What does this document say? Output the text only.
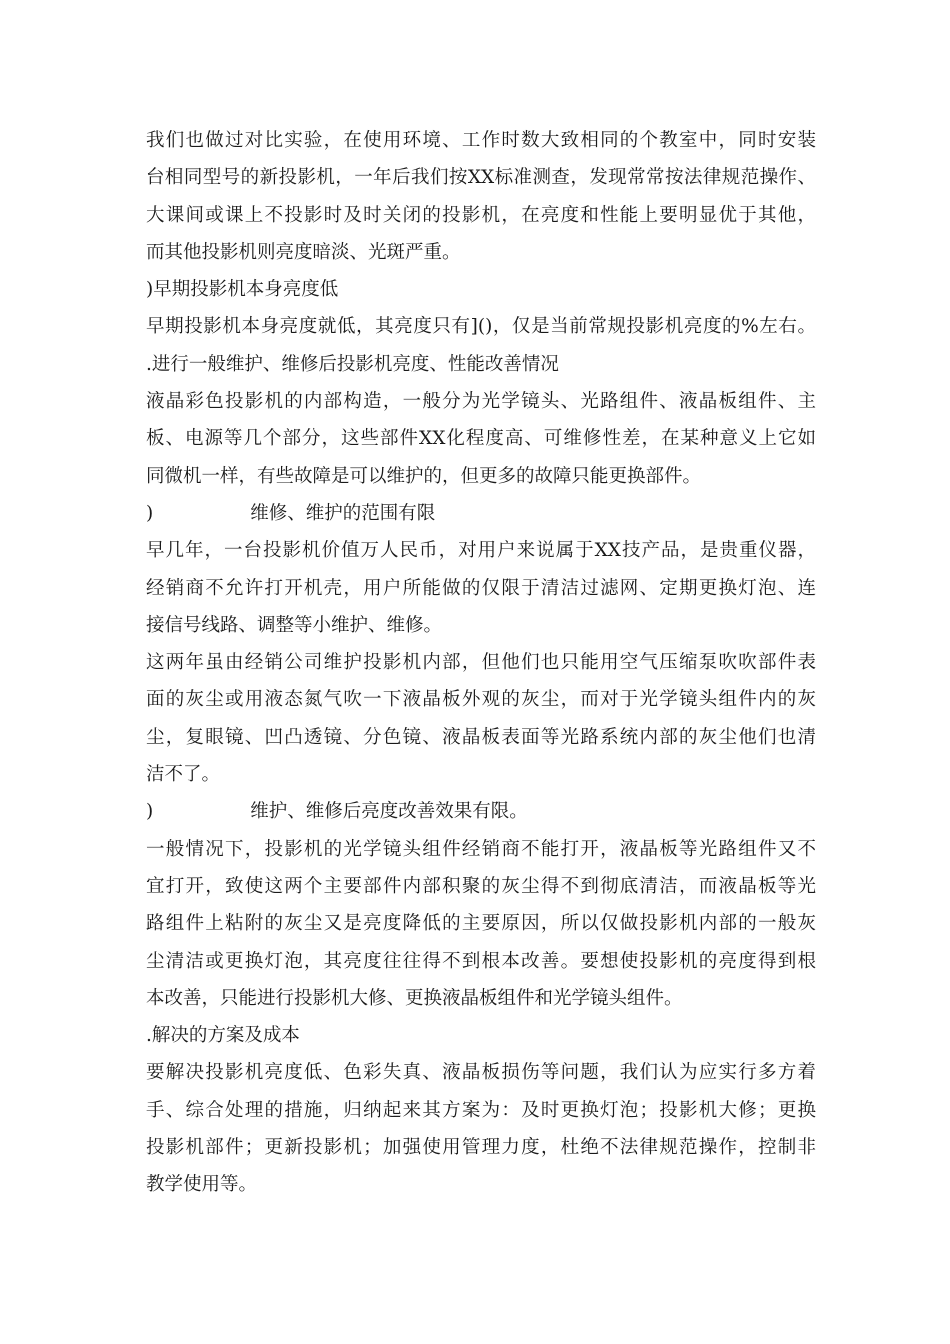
我们也做过对比实验，在使用环境、工作时数大致相同的个教室中，同时安装
台相同型号的新投影机，一年后我们按XX标准测查，发现常常按法律规范操作、
大课间或课上不投影时及时关闭的投影机，在亮度和性能上要明显优于其他，
而其他投影机则亮度暗淡、光斑严重。
)早期投影机本身亮度低
早期投影机本身亮度就低，其亮度只有]()，仅是当前常规投影机亮度的%左右。
.进行一般维护、维修后投影机亮度、性能改善情况
液晶彩色投影机的内部构造，一般分为光学镜头、光路组件、液晶板组件、主
板、电源等几个部分，这些部件XX化程度高、可维修性差，在某种意义上它如
同微机一样，有些故障是可以维护的，但更多的故障只能更换部件。
)	维修、维护的范围有限
早几年，一台投影机价值万人民币，对用户来说属于XX技产品，是贵重仪器，
经销商不允许打开机壳，用户所能做的仅限于清洁过滤网、定期更换灯泡、连
接信号线路、调整等小维护、维修。
这两年虽由经销公司维护投影机内部，但他们也只能用空气压缩泵吹吹部件表
面的灰尘或用液态氮气吹一下液晶板外观的灰尘，而对于光学镜头组件内的灰
尘，复眼镜、凹凸透镜、分色镜、液晶板表面等光路系统内部的灰尘他们也清
洁不了。
)	维护、维修后亮度改善效果有限。
一般情况下，投影机的光学镜头组件经销商不能打开，液晶板等光路组件又不
宜打开，致使这两个主要部件内部积聚的灰尘得不到彻底清洁，而液晶板等光
路组件上粘附的灰尘又是亮度降低的主要原因，所以仅做投影机内部的一般灰
尘清洁或更换灯泡，其亮度往往得不到根本改善。要想使投影机的亮度得到根
本改善，只能进行投影机大修、更换液晶板组件和光学镜头组件。
.解决的方案及成本
要解决投影机亮度低、色彩失真、液晶板损伤等问题，我们认为应实行多方着
手、综合处理的措施，归纳起来其方案为：及时更换灯泡；投影机大修；更换
投影机部件；更新投影机；加强使用管理力度，杜绝不法律规范操作，控制非
教学使用等。
